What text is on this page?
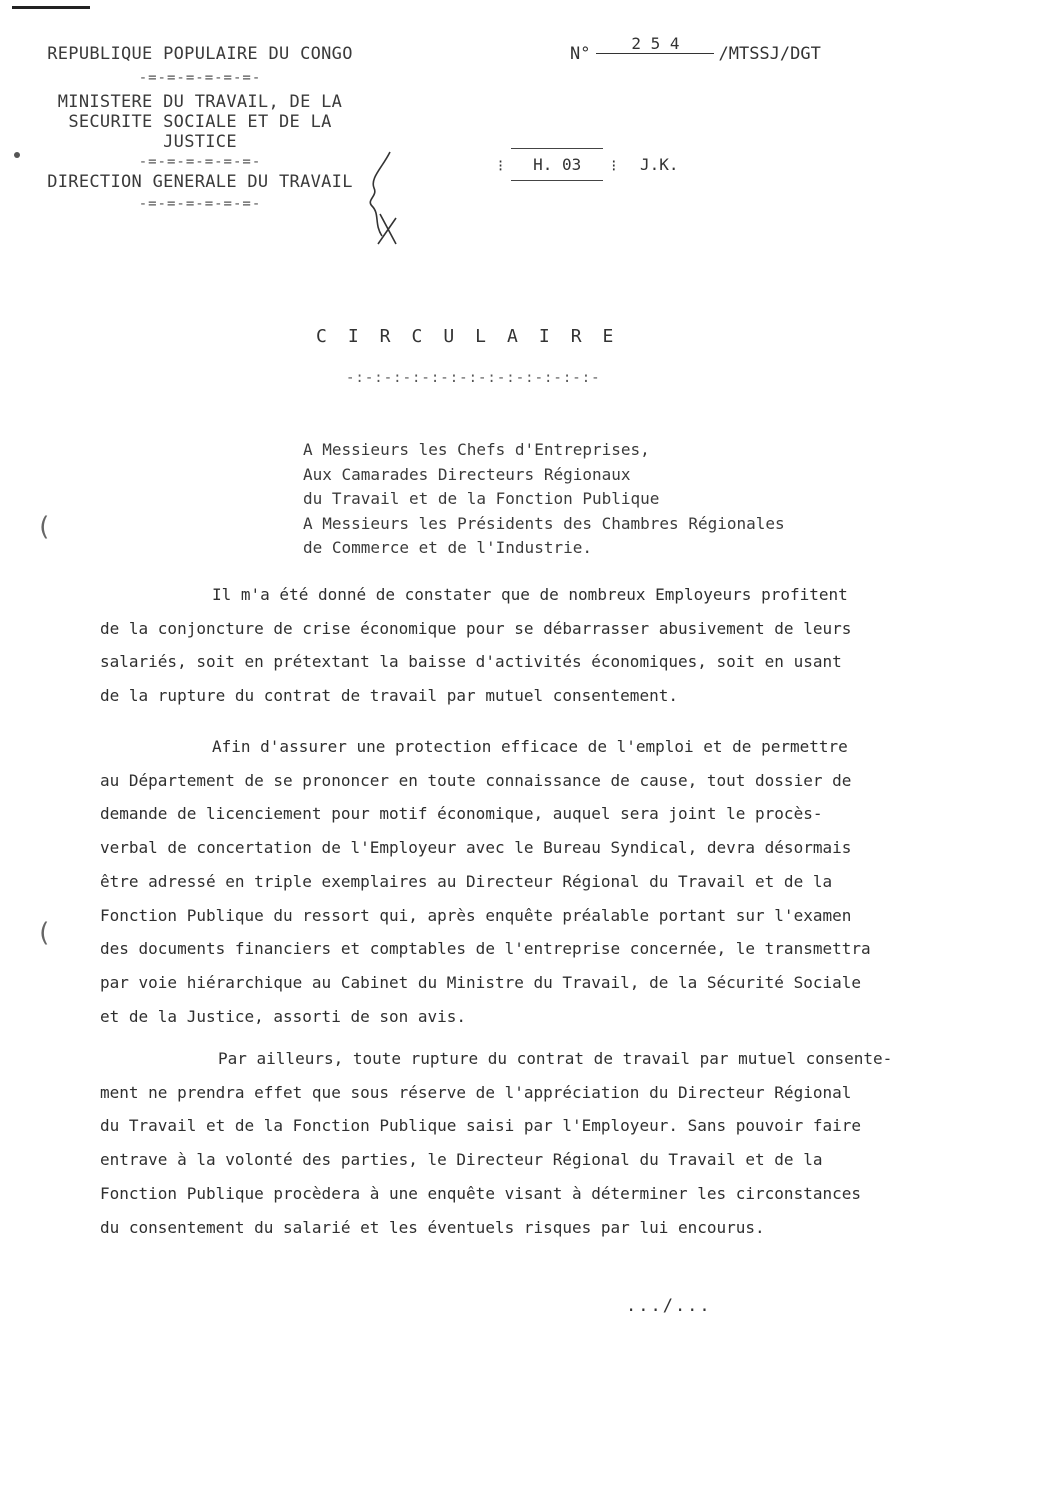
REPUBLIQUE POPULAIRE DU CONGO
-=-=-=-=-=-=-
MINISTERE DU TRAVAIL, DE LA
SECURITE SOCIALE ET DE LA
JUSTICE
-=-=-=-=-=-=-
DIRECTION GENERALE DU TRAVAIL
-=-=-=-=-=-=-
N°2 5 4/MTSSJ/DGT
⁝ H. 03 ⁝ J.K.
CIRCULAIRE
-:-:-:-:-:-:-:-:-:-:-:-:-:-
A Messieurs les Chefs d'Entreprises,
Aux Camarades Directeurs Régionaux
du Travail et de la Fonction Publique
A Messieurs les Présidents des Chambres Régionales
de Commerce et de l'Industrie.
Il m'a été donné de constater que de nombreux Employeurs profitent
de la conjoncture de crise économique pour se débarrasser abusivement de leurs
salariés, soit en prétextant la baisse d'activités économiques, soit en usant
de la rupture du contrat de travail par mutuel consentement.
Afin d'assurer une protection efficace de l'emploi et de permettre
au Département de se prononcer en toute connaissance de cause, tout dossier de
demande de licenciement pour motif économique, auquel sera joint le procès-
verbal de concertation de l'Employeur avec le Bureau Syndical, devra désormais
être adressé en triple exemplaires au Directeur Régional du Travail et de la
Fonction Publique du ressort qui, après enquête préalable portant sur l'examen
des documents financiers et comptables de l'entreprise concernée, le transmettra
par voie hiérarchique au Cabinet du Ministre du Travail, de la Sécurité Sociale
et de la Justice, assorti de son avis.
Par ailleurs, toute rupture du contrat de travail par mutuel consente-
ment ne prendra effet que sous réserve de l'appréciation du Directeur Régional
du Travail et de la Fonction Publique saisi par l'Employeur. Sans pouvoir faire
entrave à la volonté des parties, le Directeur Régional du Travail et de la
Fonction Publique procèdera à une enquête visant à déterminer les circonstances
du consentement du salarié et les éventuels risques par lui encourus.
.../...
(
(
